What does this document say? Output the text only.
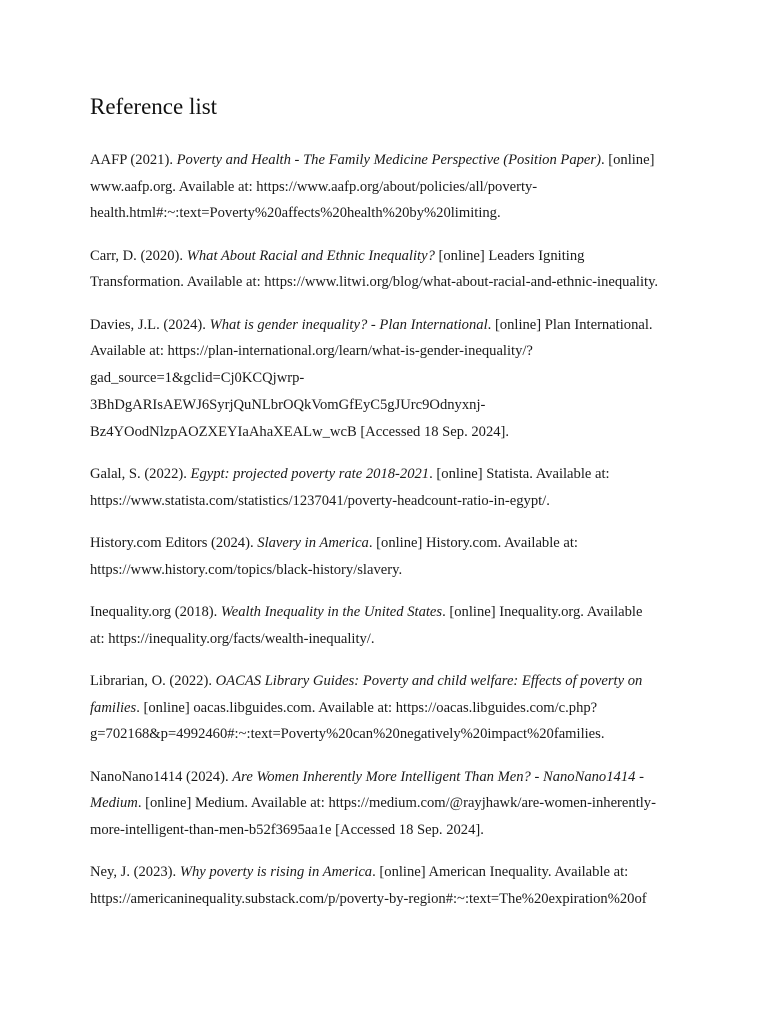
Reference list

AAFP (2021). Poverty and Health - The Family Medicine Perspective (Position Paper). [online]
www.aafp.org. Available at: https://www.aafp.org/about/policies/all/poverty-
health.html#:~:text=Poverty%20affects%20health%20by%20limiting.

Carr, D. (2020). What About Racial and Ethnic Inequality? [online] Leaders Igniting
Transformation. Available at: https://www.litwi.org/blog/what-about-racial-and-ethnic-inequality.

Davies, J.L. (2024). What is gender inequality? - Plan International. [online] Plan International.
Available at: https://plan-international.org/learn/what-is-gender-inequality/?
gad_source=1&gclid=Cj0KCQjwrp-
3BhDgARIsAEWJ6SyrjQuNLbrOQkVomGfEyC5gJUrc9Odnyxnj-
Bz4YOodNlzpAOZXEYIaAhaXEALw_wcB [Accessed 18 Sep. 2024].

Galal, S. (2022). Egypt: projected poverty rate 2018-2021. [online] Statista. Available at:
https://www.statista.com/statistics/1237041/poverty-headcount-ratio-in-egypt/.

History.com Editors (2024). Slavery in America. [online] History.com. Available at:
https://www.history.com/topics/black-history/slavery.

Inequality.org (2018). Wealth Inequality in the United States. [online] Inequality.org. Available
at: https://inequality.org/facts/wealth-inequality/.

Librarian, O. (2022). OACAS Library Guides: Poverty and child welfare: Effects of poverty on
families. [online] oacas.libguides.com. Available at: https://oacas.libguides.com/c.php?
g=702168&p=4992460#:~:text=Poverty%20can%20negatively%20impact%20families.

NanoNano1414 (2024). Are Women Inherently More Intelligent Than Men? - NanoNano1414 -
Medium. [online] Medium. Available at: https://medium.com/@rayjhawk/are-women-inherently-
more-intelligent-than-men-b52f3695aa1e [Accessed 18 Sep. 2024].

Ney, J. (2023). Why poverty is rising in America. [online] American Inequality. Available at:
https://americaninequality.substack.com/p/poverty-by-region#:~:text=The%20expiration%20of
